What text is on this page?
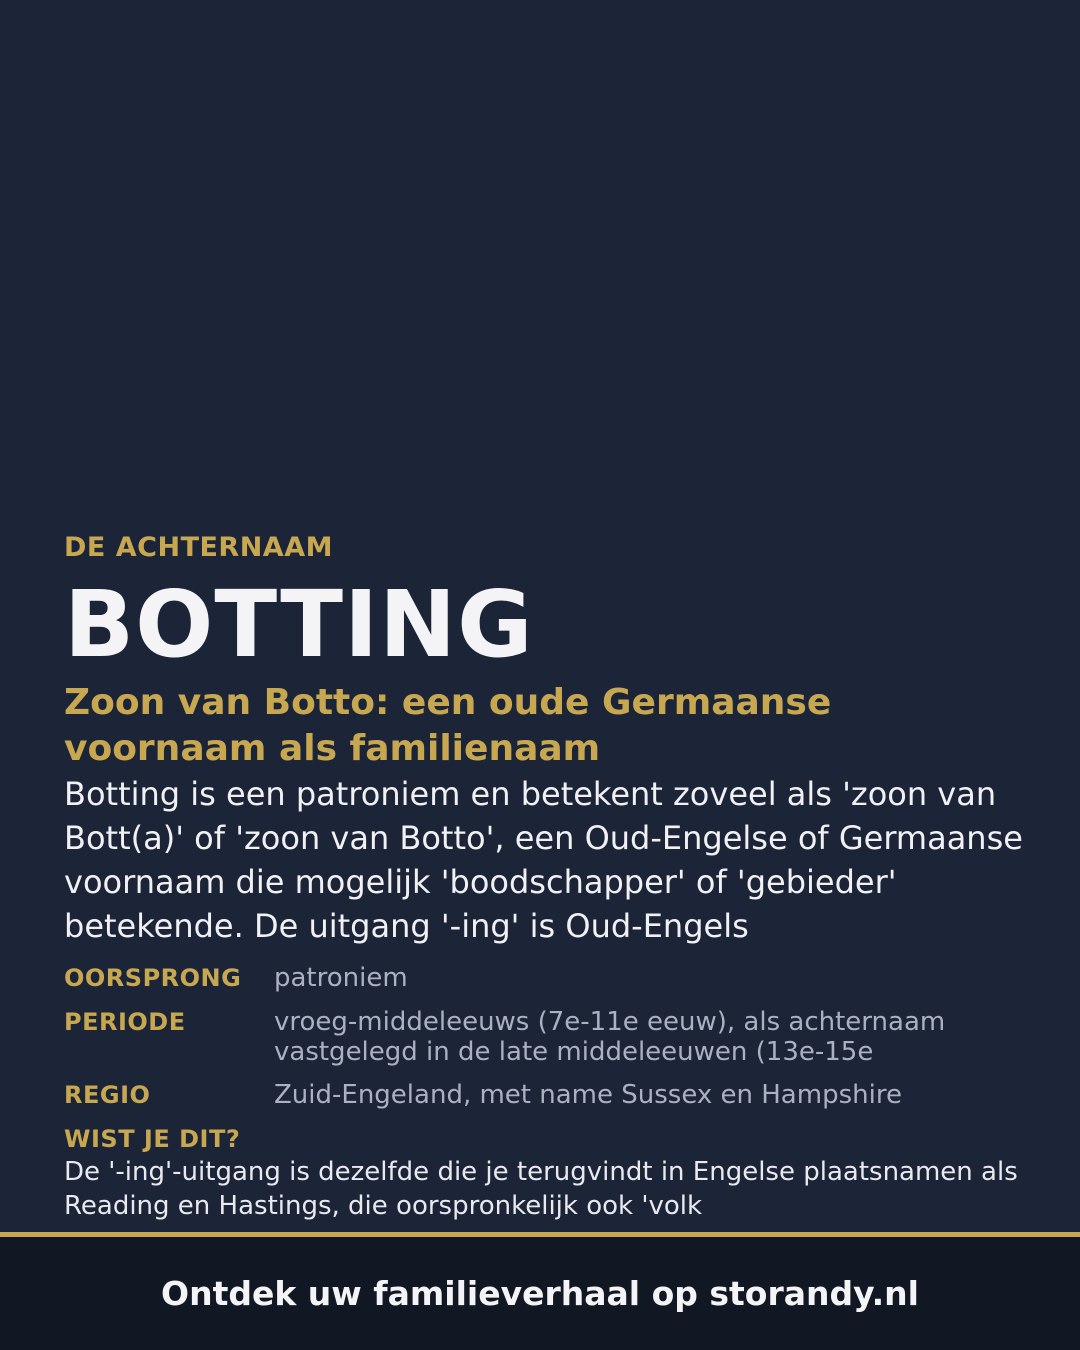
DE ACHTERNAAM

BOTTING
Zoon van Botto: een oude Germaanse voornaam als familienaam

Botting is een patroniem en betekent zoveel als 'zoon van Bott(a)' of 'zoon van Botto', een Oud-Engelse of Germaanse voornaam die mogelijk 'boodschapper' of 'gebieder' betekende. De uitgang '-ing' is Oud-Engels

OORSPRONG	patroniem
PERIODE	vroeg-middeleeuws (7e-11e eeuw), als achternaam vastgelegd in de late middeleeuwen (13e-15e
REGIO	Zuid-Engeland, met name Sussex en Hampshire
WIST JE DIT?

De '-ing'-uitgang is dezelfde die je terugvindt in Engelse plaatsnamen als Reading en Hastings, die oorspronkelijk ook 'volk

Ontdek uw familieverhaal op storandy.nl
